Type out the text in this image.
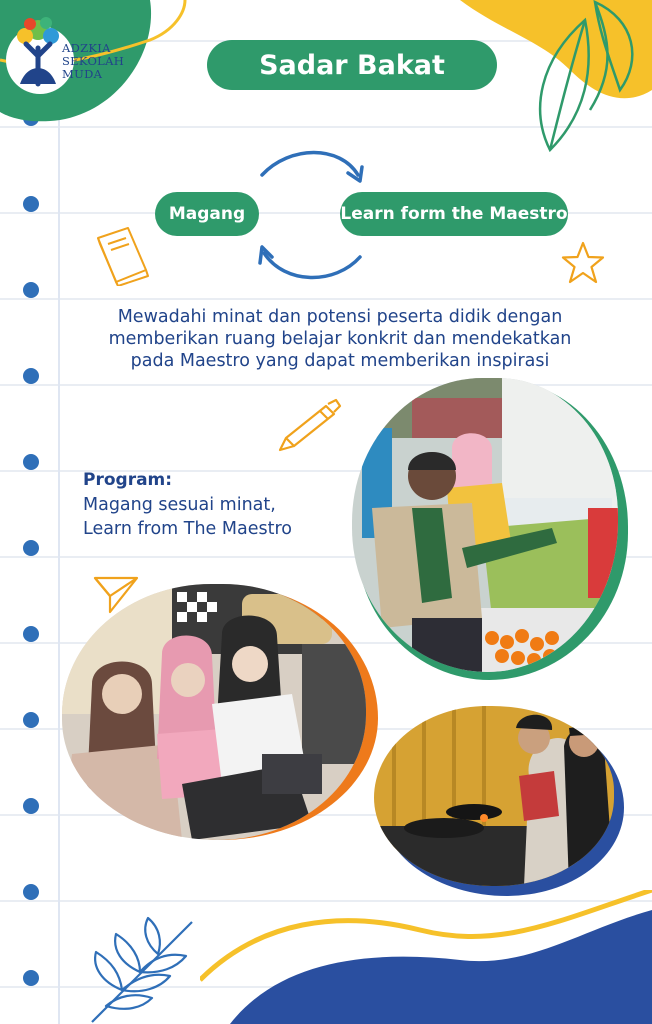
ADZKIA
SEKOLAH
MUDA	Sadar Bakat
Magang	Learn form the Maestro
Mewadahi minat dan potensi peserta didik dengan
memberikan ruang belajar konkrit dan mendekatkan
pada Maestro yang dapat memberikan inspirasi
Program:
Magang sesuai minat,
Learn from The Maestro
